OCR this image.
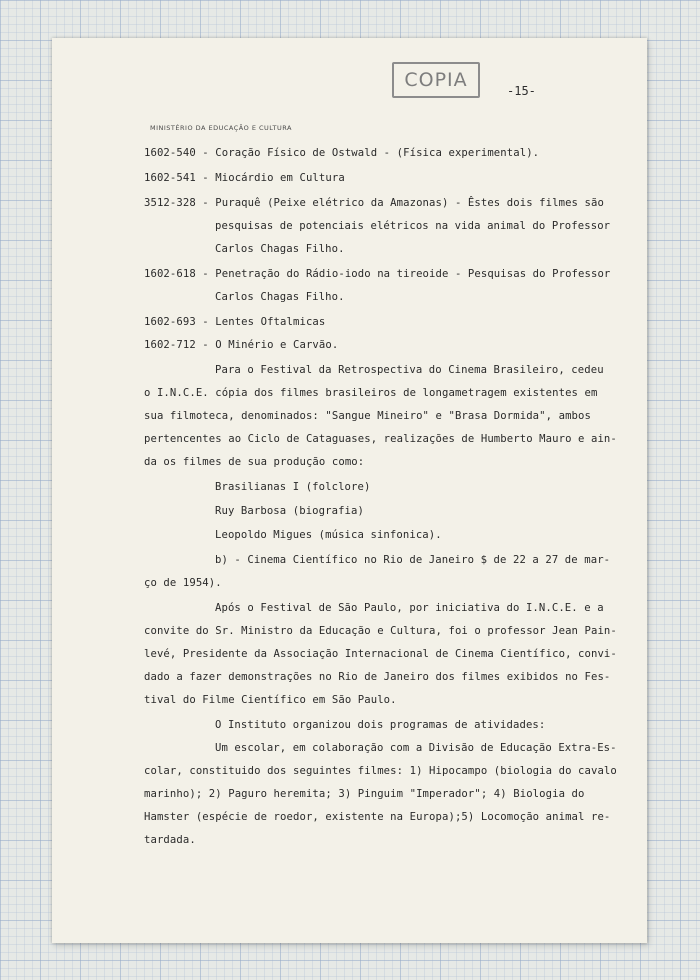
COPIA	-15-
MINISTÉRIO DA EDUCAÇÃO E CULTURA
1602-540 - Coração Físico de Ostwald - (Física experimental).
1602-541 - Miocárdio em Cultura
3512-328 - Puraquê (Peixe elétrico da Amazonas) - Êstes dois filmes são
pesquisas de potenciais elétricos na vida animal do Professor
Carlos Chagas Filho.
1602-618 - Penetração do Rádio-iodo na tireoide - Pesquisas do Professor
Carlos Chagas Filho.
1602-693 - Lentes Oftalmicas
1602-712 - O Minério e Carvão.
Para o Festival da Retrospectiva do Cinema Brasileiro, cedeu
o I.N.C.E. cópia dos filmes brasileiros de longametragem existentes em
sua filmoteca, denominados: "Sangue Mineiro" e "Brasa Dormida", ambos
pertencentes ao Ciclo de Cataguases, realizações de Humberto Mauro e ain-
da os filmes de sua produção como:
Brasilianas I (folclore)
Ruy Barbosa (biografia)
Leopoldo Migues (música sinfonica).
b) - Cinema Científico no Rio de Janeiro $ de 22 a 27 de mar-
ço de 1954).
Após o Festival de São Paulo, por iniciativa do I.N.C.E. e a
convite do Sr. Ministro da Educação e Cultura, foi o professor Jean Pain-
levé, Presidente da Associação Internacional de Cinema Científico, convi-
dado a fazer demonstrações no Rio de Janeiro dos filmes exibidos no Fes-
tival do Filme Científico em São Paulo.
O Instituto organizou dois programas de atividades:
Um escolar, em colaboração com a Divisão de Educação Extra-Es-
colar, constituido dos seguintes filmes: 1) Hipocampo (biologia do cavalo
marinho); 2) Paguro heremita; 3) Pinguim "Imperador"; 4) Biologia do
Hamster (espécie de roedor, existente na Europa);5) Locomoção animal re-
tardada.
